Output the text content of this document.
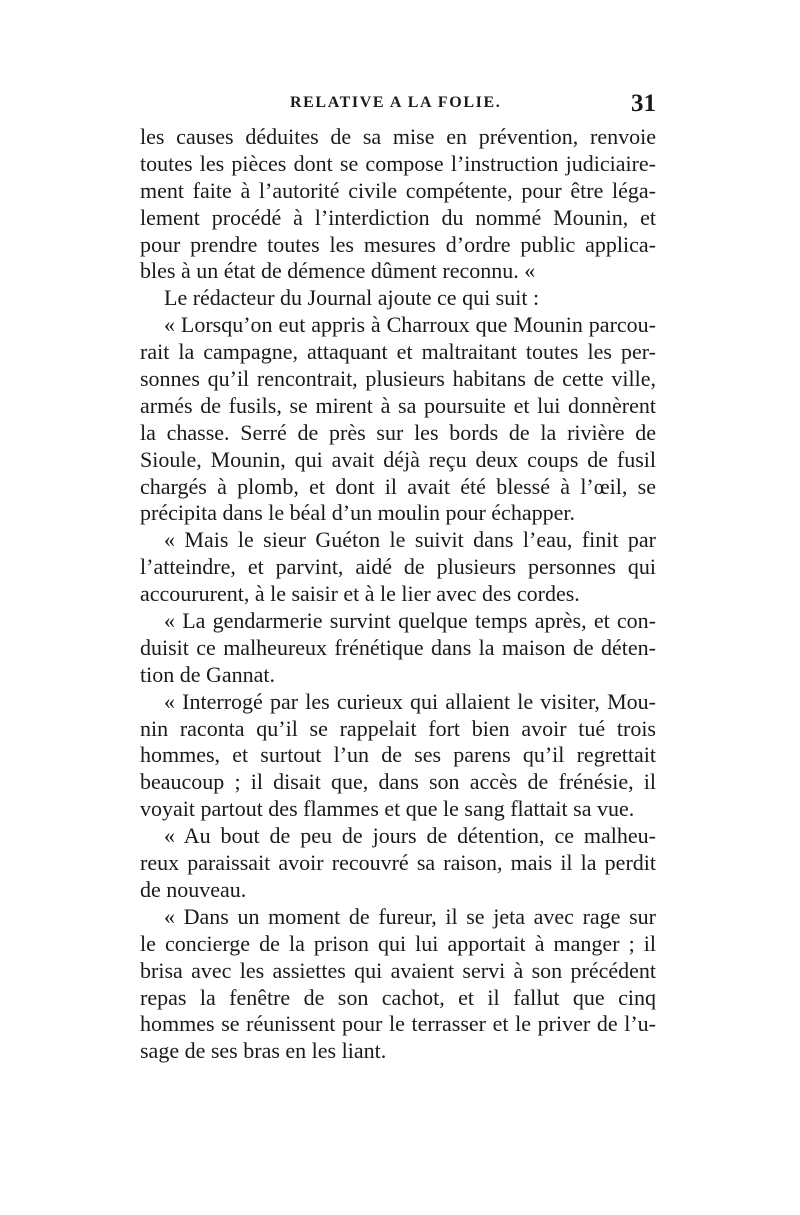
RELATIVE A LA FOLIE.	31
les causes déduites de sa mise en prévention, renvoie
toutes les pièces dont se compose l’instruction judiciaire-
ment faite à l’autorité civile compétente, pour être léga-
lement procédé à l’interdiction du nommé Mounin, et
pour prendre toutes les mesures d’ordre public applica-
bles à un état de démence dûment reconnu. «
Le rédacteur du Journal ajoute ce qui suit :
« Lorsqu’on eut appris à Charroux que Mounin parcou-
rait la campagne, attaquant et maltraitant toutes les per-
sonnes qu’il rencontrait, plusieurs habitans de cette ville,
armés de fusils, se mirent à sa poursuite et lui donnèrent
la chasse. Serré de près sur les bords de la rivière de
Sioule, Mounin, qui avait déjà reçu deux coups de fusil
chargés à plomb, et dont il avait été blessé à l’œil, se
précipita dans le béal d’un moulin pour échapper.
« Mais le sieur Guéton le suivit dans l’eau, finit par
l’atteindre, et parvint, aidé de plusieurs personnes qui
accoururent, à le saisir et à le lier avec des cordes.
« La gendarmerie survint quelque temps après, et con-
duisit ce malheureux frénétique dans la maison de déten-
tion de Gannat.
« Interrogé par les curieux qui allaient le visiter, Mou-
nin raconta qu’il se rappelait fort bien avoir tué trois
hommes, et surtout l’un de ses parens qu’il regrettait
beaucoup ; il disait que, dans son accès de frénésie, il
voyait partout des flammes et que le sang flattait sa vue.
« Au bout de peu de jours de détention, ce malheu-
reux paraissait avoir recouvré sa raison, mais il la perdit
de nouveau.
« Dans un moment de fureur, il se jeta avec rage sur
le concierge de la prison qui lui apportait à manger ; il
brisa avec les assiettes qui avaient servi à son précédent
repas la fenêtre de son cachot, et il fallut que cinq
hommes se réunissent pour le terrasser et le priver de l’u-
sage de ses bras en les liant.
